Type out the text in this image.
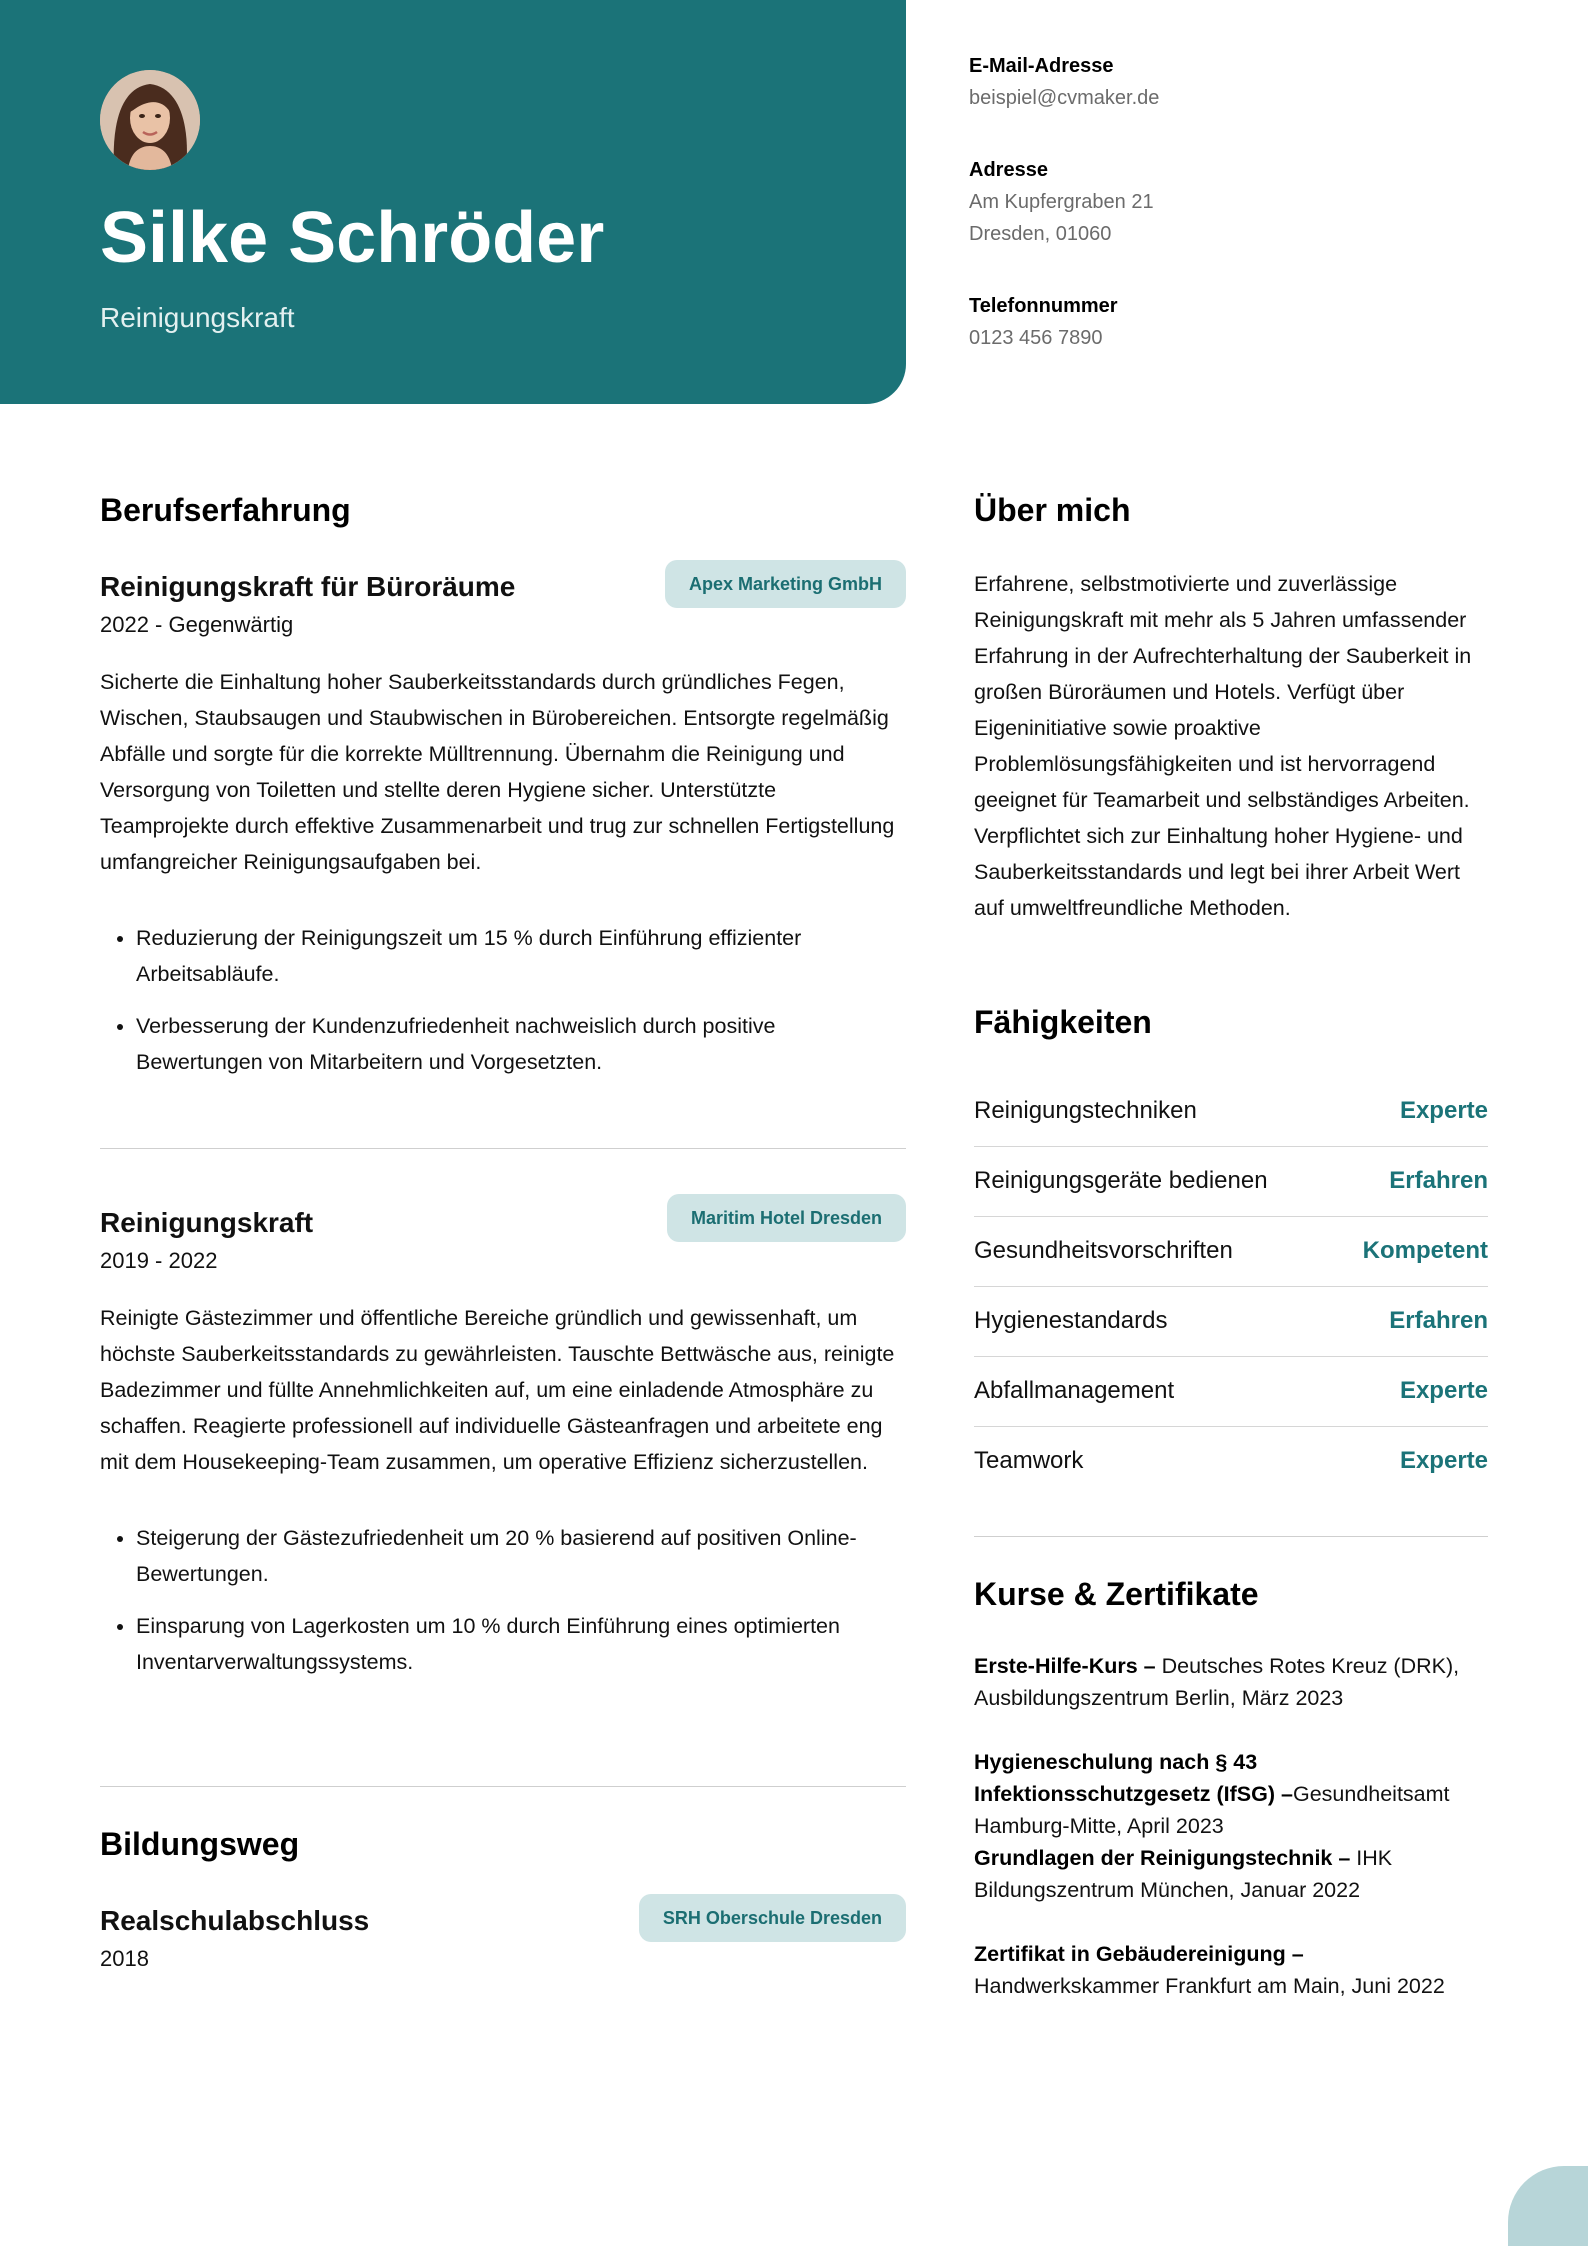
Silke Schröder
Reinigungskraft
E-Mail-Adresse
beispiel@cvmaker.de
Adresse
Am Kupfergraben 21
Dresden, 01060
Telefonnummer
0123 456 7890
Berufserfahrung
Apex Marketing GmbH
Reinigungskraft für Büroräume
2022 - Gegenwärtig

Sicherte die Einhaltung hoher Sauberkeitsstandards durch gründliches Fegen, Wischen, Staubsaugen und Staubwischen in Bürobereichen. Entsorgte regelmäßig Abfälle und sorgte für die korrekte Mülltrennung. Übernahm die Reinigung und Versorgung von Toiletten und stellte deren Hygiene sicher. Unterstützte Teamprojekte durch effektive Zusammenarbeit und trug zur schnellen Fertigstellung umfangreicher Reinigungsaufgaben bei.

• Reduzierung der Reinigungszeit um 15 % durch Einführung effizienter Arbeitsabläufe.
• Verbesserung der Kundenzufriedenheit nachweislich durch positive Bewertungen von Mitarbeitern und Vorgesetzten.
Maritim Hotel Dresden
Reinigungskraft
2019 - 2022

Reinigte Gästezimmer und öffentliche Bereiche gründlich und gewissenhaft, um höchste Sauberkeitsstandards zu gewährleisten. Tauschte Bettwäsche aus, reinigte Badezimmer und füllte Annehmlichkeiten auf, um eine einladende Atmosphäre zu schaffen. Reagierte professionell auf individuelle Gästeanfragen und arbeitete eng mit dem Housekeeping-Team zusammen, um operative Effizienz sicherzustellen.

• Steigerung der Gästezufriedenheit um 20 % basierend auf positiven Online-Bewertungen.
• Einsparung von Lagerkosten um 10 % durch Einführung eines optimierten Inventarverwaltungssystems.
Bildungsweg
SRH Oberschule Dresden
Realschulabschluss
2018
Über mich

Erfahrene, selbstmotivierte und zuverlässige Reinigungskraft mit mehr als 5 Jahren umfassender Erfahrung in der Aufrechterhaltung der Sauberkeit in großen Büroräumen und Hotels. Verfügt über Eigeninitiative sowie proaktive Problemlösungsfähigkeiten und ist hervorragend geeignet für Teamarbeit und selbständiges Arbeiten. Verpflichtet sich zur Einhaltung hoher Hygiene- und Sauberkeitsstandards und legt bei ihrer Arbeit Wert auf umweltfreundliche Methoden.

Fähigkeiten
Reinigungstechniken	Experte
Reinigungsgeräte bedienen	Erfahren
Gesundheitsvorschriften	Kompetent
Hygienestandards	Erfahren
Abfallmanagement	Experte
Teamwork	Experte
Kurse & Zertifikate
Erste-Hilfe-Kurs – Deutsches Rotes Kreuz (DRK), Ausbildungszentrum Berlin, März 2023
Hygieneschulung nach § 43 Infektionsschutzgesetz (IfSG) –Gesundheitsamt Hamburg-Mitte, April 2023
Grundlagen der Reinigungstechnik – IHK Bildungszentrum München, Januar 2022
Zertifikat in Gebäudereinigung – Handwerkskammer Frankfurt am Main, Juni 2022
